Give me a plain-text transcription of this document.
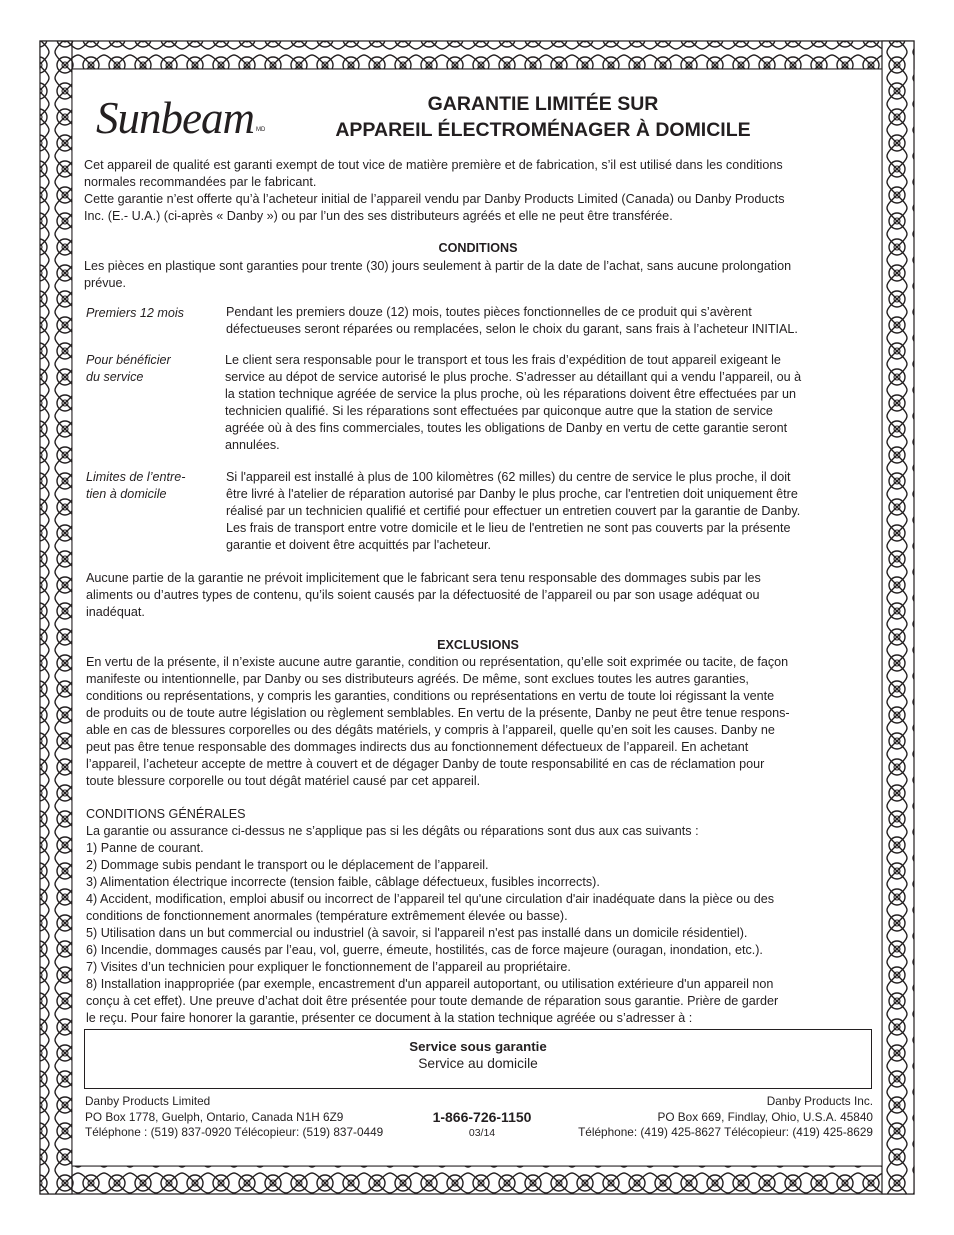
Sunbeam $^{MD}$
GARANTIE LIMITÉE SUR
APPAREIL ÉLECTROMÉNAGER À DOMICILE
Cet appareil de qualité est garanti exempt de tout vice de matière première et de fabrication, s’il est utilisé dans les conditions
normales recommandées par le fabricant.
Cette garantie n’est offerte qu’à l’acheteur initial de l’appareil vendu par Danby Products Limited (Canada) ou Danby Products
Inc. (E.- U.A.) (ci-après « Danby ») ou par l’un des ses distributeurs agréés et elle ne peut être transférée.
CONDITIONS
Les pièces en plastique sont garanties pour trente (30) jours seulement à partir de la date de l’achat, sans aucune prolongation
prévue.
Premiers 12 mois	Pendant les premiers douze (12) mois, toutes pièces fonctionnelles de ce produit qui s’avèrent
défectueuses seront réparées ou remplacées, selon le choix du garant, sans frais à l’acheteur INITIAL.
Pour bénéficier
du service
Le client sera responsable pour le transport et tous les frais d’expédition de tout appareil exigeant le
service au dépot de service autorisé le plus proche. S’adresser au détaillant qui a vendu l’appareil, ou à
la station technique agréée de service la plus proche, où les réparations doivent être effectuées par un
technicien qualifié. Si les réparations sont effectuées par quiconque autre que la station de service
agréée où à des fins commerciales, toutes les obligations de Danby en vertu de cette garantie seront
annulées.
Limites de l’entre-
tien à domicile
Si l'appareil est installé à plus de 100 kilomètres (62 milles) du centre de service le plus proche, il doit
être livré à l'atelier de réparation autorisé par Danby le plus proche, car l'entretien doit uniquement être
réalisé par un technicien qualifié et certifié pour effectuer un entretien couvert par la garantie de Danby.
Les frais de transport entre votre domicile et le lieu de l'entretien ne sont pas couverts par la présente
garantie et doivent être acquittés par l'acheteur.
Aucune partie de la garantie ne prévoit implicitement que le fabricant sera tenu responsable des dommages subis par les
aliments ou d’autres types de contenu, qu’ils soient causés par la défectuosité de l’appareil ou par son usage adéquat ou
inadéquat.
EXCLUSIONS
En vertu de la présente, il n’existe aucune autre garantie, condition ou représentation, qu’elle soit exprimée ou tacite, de façon
manifeste ou intentionnelle, par Danby ou ses distributeurs agréés. De même, sont exclues toutes les autres garanties,
conditions ou représentations, y compris les garanties, conditions ou représentations en vertu de toute loi régissant la vente
de produits ou de toute autre législation ou règlement semblables. En vertu de la présente, Danby ne peut être tenue respons-
able en cas de blessures corporelles ou des dégâts matériels, y compris à l’appareil, quelle qu’en soit les causes. Danby ne
peut pas être tenue responsable des dommages indirects dus au fonctionnement défectueux de l’appareil. En achetant
l’appareil, l’acheteur accepte de mettre à couvert et de dégager Danby de toute responsabilité en cas de réclamation pour
toute blessure corporelle ou tout dégât matériel causé par cet appareil.
CONDITIONS GÉNÉRALES
La garantie ou assurance ci-dessus ne s’applique pas si les dégâts ou réparations sont dus aux cas suivants :
1) Panne de courant.
2) Dommage subis pendant le transport ou le déplacement de l’appareil.
3) Alimentation électrique incorrecte (tension faible, câblage défectueux, fusibles incorrects).
4) Accident, modification, emploi abusif ou incorrect de l’appareil tel qu'une circulation d'air inadéquate dans la pièce ou des
conditions de fonctionnement anormales (température extrêmement élevée ou basse).
5) Utilisation dans un but commercial ou industriel (à savoir, si l'appareil n'est pas installé dans un domicile résidentiel).
6) Incendie, dommages causés par l’eau, vol, guerre, émeute, hostilités, cas de force majeure (ouragan, inondation, etc.).
7) Visites d’un technicien pour expliquer le fonctionnement de l’appareil au propriétaire.
8) Installation inappropriée (par exemple, encastrement d'un appareil autoportant, ou utilisation extérieure d'un appareil non
conçu à cet effet). Une preuve d’achat doit être présentée pour toute demande de réparation sous garantie. Prière de garder
le reçu. Pour faire honorer la garantie, présenter ce document à la station technique agréée ou s’adresser à :
Service sous garantie
Service au domicile
Danby Products Limited
PO Box 1778, Guelph, Ontario, Canada N1H 6Z9
Téléphone : (519) 837-0920 Télécopieur: (519) 837-0449
1-866-726-1150
03/14
Danby Products Inc.
PO Box 669, Findlay, Ohio, U.S.A. 45840
Téléphone: (419) 425-8627 Télécopieur: (419) 425-8629
